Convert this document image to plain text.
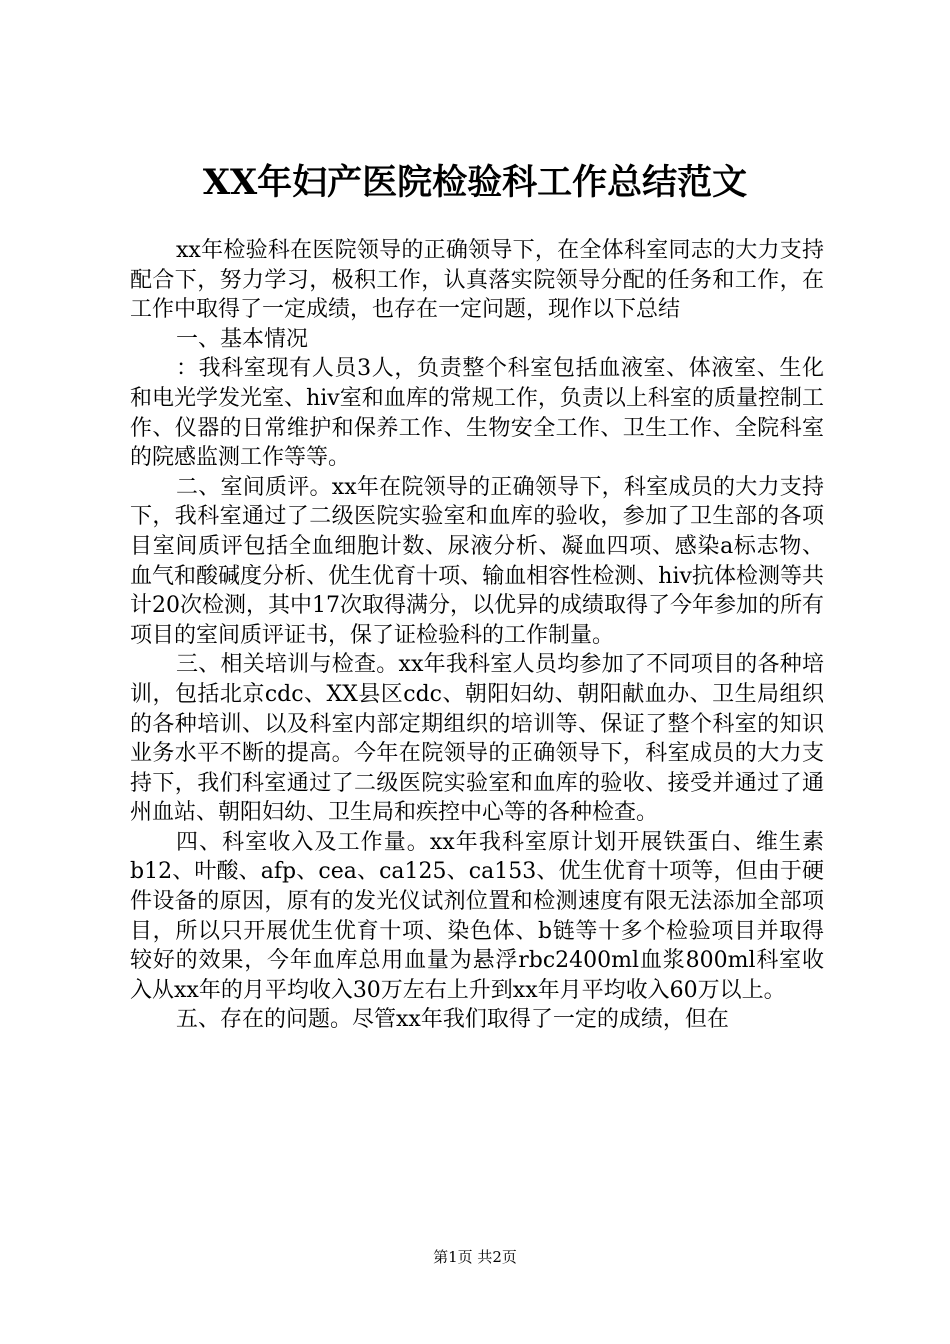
XX年妇产医院检验科工作总结范文

xx年检验科在医院领导的正确领导下，在全体科室同志的大力支持配合下，努力学习，极积工作，认真落实院领导分配的任务和工作，在工作中取得了一定成绩，也存在一定问题，现作以下总结

一、基本情况

：我科室现有人员3人，负责整个科室包括血液室、体液室、生化和电光学发光室、hiv室和血库的常规工作，负责以上科室的质量控制工作、仪器的日常维护和保养工作、生物安全工作、卫生工作、全院科室的院感监测工作等等。

二、室间质评。xx年在院领导的正确领导下，科室成员的大力支持下，我科室通过了二级医院实验室和血库的验收，参加了卫生部的各项目室间质评包括全血细胞计数、尿液分析、凝血四项、感染a标志物、血气和酸碱度分析、优生优育十项、输血相容性检测、hiv抗体检测等共计20次检测，其中17次取得满分，以优异的成绩取得了今年参加的所有项目的室间质评证书，保了证检验科的工作制量。

三、相关培训与检查。xx年我科室人员均参加了不同项目的各种培训，包括北京cdc、XX县区cdc、朝阳妇幼、朝阳献血办、卫生局组织的各种培训、以及科室内部定期组织的培训等、保证了整个科室的知识业务水平不断的提高。今年在院领导的正确领导下，科室成员的大力支持下，我们科室通过了二级医院实验室和血库的验收、接受并通过了通州血站、朝阳妇幼、卫生局和疾控中心等的各种检查。

四、科室收入及工作量。xx年我科室原计划开展铁蛋白、维生素b12、叶酸、afp、cea、ca125、ca153、优生优育十项等，但由于硬件设备的原因，原有的发光仪试剂位置和检测速度有限无法添加全部项目，所以只开展优生优育十项、染色体、b链等十多个检验项目并取得较好的效果，今年血库总用血量为悬浮rbc2400ml血浆800ml科室收入从xx年的月平均收入30万左右上升到xx年月平均收入60万以上。

五、存在的问题。尽管xx年我们取得了一定的成绩，但在

第1页 共2页
